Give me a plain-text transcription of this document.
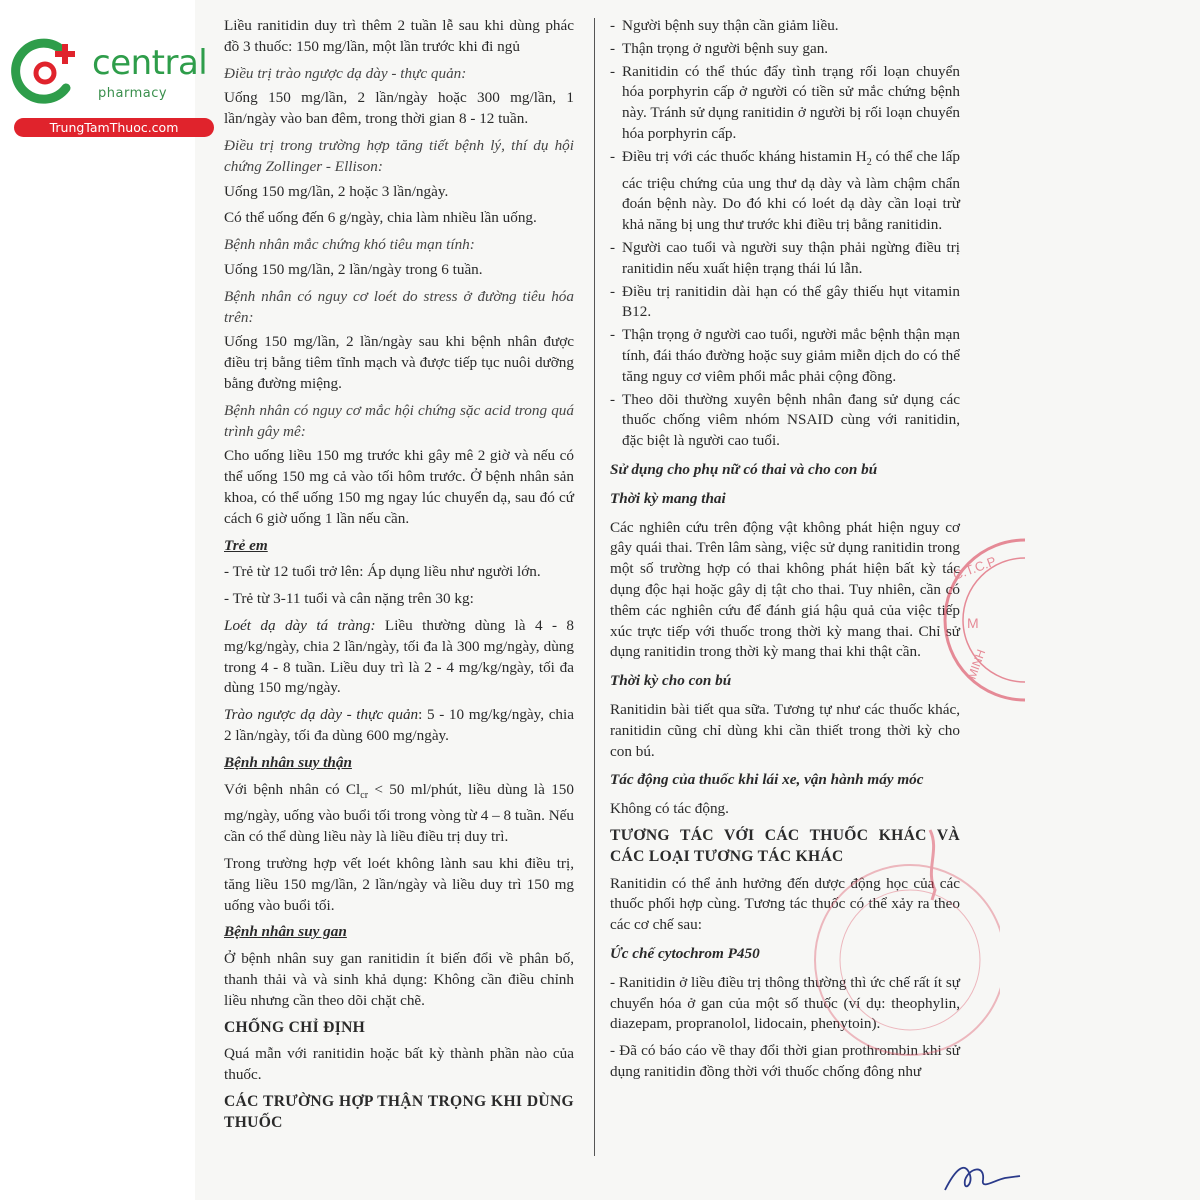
central
pharmacy
TrungTamThuoc.com

Liều ranitidin duy trì thêm 2 tuần lễ sau khi dùng phác đồ 3 thuốc: 150 mg/lần, một lần trước khi đi ngủ

Điều trị trào ngược dạ dày - thực quản:

Uống 150 mg/lần, 2 lần/ngày hoặc 300 mg/lần, 1 lần/ngày vào ban đêm, trong thời gian 8 - 12 tuần.

Điều trị trong trường hợp tăng tiết bệnh lý, thí dụ hội chứng Zollinger - Ellison:

Uống 150 mg/lần, 2 hoặc 3 lần/ngày.

Có thể uống đến 6 g/ngày, chia làm nhiều lần uống.

Bệnh nhân mắc chứng khó tiêu mạn tính:

Uống 150 mg/lần, 2 lần/ngày trong 6 tuần.

Bệnh nhân có nguy cơ loét do stress ở đường tiêu hóa trên:

Uống 150 mg/lần, 2 lần/ngày sau khi bệnh nhân được điều trị bằng tiêm tĩnh mạch và được tiếp tục nuôi dưỡng bằng đường miệng.

Bệnh nhân có nguy cơ mắc hội chứng sặc acid trong quá trình gây mê:

Cho uống liều 150 mg trước khi gây mê 2 giờ và nếu có thể uống 150 mg cả vào tối hôm trước. Ở bệnh nhân sản khoa, có thể uống 150 mg ngay lúc chuyển dạ, sau đó cứ cách 6 giờ uống 1 lần nếu cần.

Trẻ em

- Trẻ từ 12 tuổi trở lên: Áp dụng liều như người lớn.

- Trẻ từ 3-11 tuổi và cân nặng trên 30 kg:

Loét dạ dày tá tràng: Liều thường dùng là 4 - 8 mg/kg/ngày, chia 2 lần/ngày, tối đa là 300 mg/ngày, dùng trong 4 - 8 tuần. Liều duy trì là 2 - 4 mg/kg/ngày, tối đa dùng 150 mg/ngày.

Trào ngược dạ dày - thực quản: 5 - 10 mg/kg/ngày, chia 2 lần/ngày, tối đa dùng 600 mg/ngày.

Bệnh nhân suy thận

Với bệnh nhân có $Cl_{cr} < 50$ ml/phút, liều dùng là 150 mg/ngày, uống vào buổi tối trong vòng từ 4 – 8 tuần. Nếu cần có thể dùng liều này là liều điều trị duy trì.

Trong trường hợp vết loét không lành sau khi điều trị, tăng liều 150 mg/lần, 2 lần/ngày và liều duy trì 150 mg uống vào buổi tối.

Bệnh nhân suy gan

Ở bệnh nhân suy gan ranitidin ít biến đổi về phân bố, thanh thải và và sinh khả dụng: Không cần điều chỉnh liều nhưng cần theo dõi chặt chẽ.

CHỐNG CHỈ ĐỊNH

Quá mẫn với ranitidin hoặc bất kỳ thành phần nào của thuốc.

CÁC TRƯỜNG HỢP THẬN TRỌNG KHI DÙNG THUỐC

- Người bệnh suy thận cần giảm liều.
- Thận trọng ở người bệnh suy gan.
- Ranitidin có thể thúc đẩy tình trạng rối loạn chuyển hóa porphyrin cấp ở người có tiền sử mắc chứng bệnh này. Tránh sử dụng ranitidin ở người bị rối loạn chuyển hóa porphyrin cấp.
- Điều trị với các thuốc kháng histamin $H_2$ có thể che lấp các triệu chứng của ung thư dạ dày và làm chậm chẩn đoán bệnh này. Do đó khi có loét dạ dày cần loại trừ khả năng bị ung thư trước khi điều trị bằng ranitidin.
- Người cao tuổi và người suy thận phải ngừng điều trị ranitidin nếu xuất hiện trạng thái lú lẫn.
- Điều trị ranitidin dài hạn có thể gây thiếu hụt vitamin B12.
- Thận trọng ở người cao tuổi, người mắc bệnh thận mạn tính, đái tháo đường hoặc suy giảm miễn dịch do có thể tăng nguy cơ viêm phổi mắc phải cộng đồng.
- Theo dõi thường xuyên bệnh nhân đang sử dụng các thuốc chống viêm nhóm NSAID cùng với ranitidin, đặc biệt là người cao tuổi.

Sử dụng cho phụ nữ có thai và cho con bú

Thời kỳ mang thai

Các nghiên cứu trên động vật không phát hiện nguy cơ gây quái thai. Trên lâm sàng, việc sử dụng ranitidin trong một số trường hợp có thai không phát hiện bất kỳ tác dụng độc hại hoặc gây dị tật cho thai. Tuy nhiên, cần có thêm các nghiên cứu để đánh giá hậu quả của việc tiếp xúc trực tiếp với thuốc trong thời kỳ mang thai. Chỉ sử dụng ranitidin trong thời kỳ mang thai khi thật cần.

Thời kỳ cho con bú

Ranitidin bài tiết qua sữa. Tương tự như các thuốc khác, ranitidin cũng chỉ dùng khi cần thiết trong thời kỳ cho con bú.

Tác động của thuốc khi lái xe, vận hành máy móc

Không có tác động.

TƯƠNG TÁC VỚI CÁC THUỐC KHÁC VÀ CÁC LOẠI TƯƠNG TÁC KHÁC

Ranitidin có thể ảnh hưởng đến dược động học của các thuốc phối hợp cùng. Tương tác thuốc có thể xảy ra theo các cơ chế sau:

Ức chế cytochrom P450

- Ranitidin ở liều điều trị thông thường thì ức chế rất ít sự chuyển hóa ở gan của một số thuốc (ví dụ: theophylin, diazepam, propranolol, lidocain, phenytoin).

- Đã có báo cáo về thay đổi thời gian prothrombin khi sử dụng ranitidin đồng thời với thuốc chống đông như

C.T.C.P
M
MINH
